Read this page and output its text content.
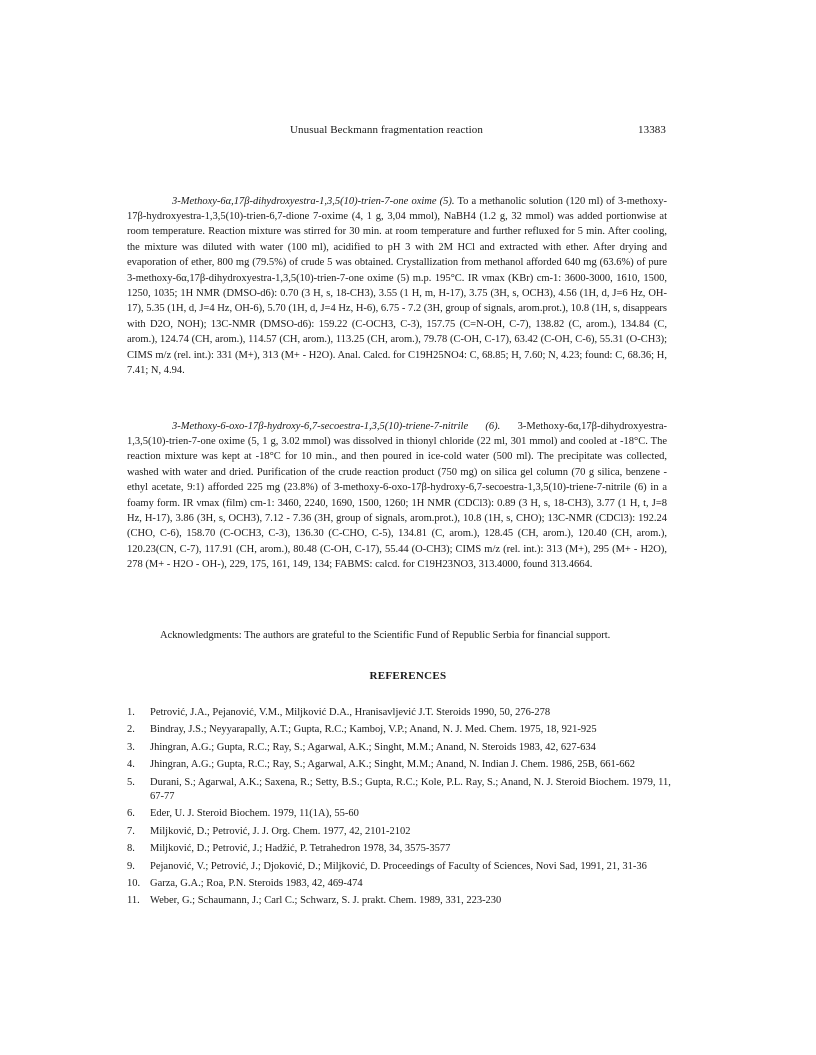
Unusual Beckmann fragmentation reaction	13383

3-Methoxy-6α,17β-dihydroxyestra-1,3,5(10)-trien-7-one oxime (5). To a methanolic solution (120 ml) of 3-methoxy-17β-hydroxyestra-1,3,5(10)-trien-6,7-dione 7-oxime (4, 1 g, 3,04 mmol), NaBH4 (1.2 g, 32 mmol) was added portionwise at room temperature. Reaction mixture was stirred for 30 min. at room temperature and further refluxed for 5 min. After cooling, the mixture was diluted with water (100 ml), acidified to pH 3 with 2M HCl and extracted with ether. After drying and evaporation of ether, 800 mg (79.5%) of crude 5 was obtained. Crystallization from methanol afforded 640 mg (63.6%) of pure 3-methoxy-6α,17β-dihydroxyestra-1,3,5(10)-trien-7-one oxime (5) m.p. 195°C. IR νmax (KBr) cm-1: 3600-3000, 1610, 1500, 1250, 1035; 1H NMR (DMSO-d6): 0.70 (3 H, s, 18-CH3), 3.55 (1 H, m, H-17), 3.75 (3H, s, OCH3), 4.56 (1H, d, J=6 Hz, OH-17), 5.35 (1H, d, J=4 Hz, OH-6), 5.70 (1H, d, J=4 Hz, H-6), 6.75 - 7.2 (3H, group of signals, arom.prot.), 10.8 (1H, s, disappears with D2O, NOH); 13C-NMR (DMSO-d6): 159.22 (C-OCH3, C-3), 157.75 (C=N-OH, C-7), 138.82 (C, arom.), 134.84 (C, arom.), 124.74 (CH, arom.), 114.57 (CH, arom.), 113.25 (CH, arom.), 79.78 (C-OH, C-17), 63.42 (C-OH, C-6), 55.31 (O-CH3); CIMS m/z (rel. int.): 331 (M+), 313 (M+ - H2O). Anal. Calcd. for C19H25NO4: C, 68.85; H, 7.60; N, 4.23; found: C, 68.36; H, 7.41; N, 4.94.

3-Methoxy-6-oxo-17β-hydroxy-6,7-secoestra-1,3,5(10)-triene-7-nitrile (6). 3-Methoxy-6α,17β-dihydroxyestra-1,3,5(10)-trien-7-one oxime (5, 1 g, 3.02 mmol) was dissolved in thionyl chloride (22 ml, 301 mmol) and cooled at -18°C. The reaction mixture was kept at -18°C for 10 min., and then poured in ice-cold water (500 ml). The precipitate was collected, washed with water and dried. Purification of the crude reaction product (750 mg) on silica gel column (70 g silica, benzene - ethyl acetate, 9:1) afforded 225 mg (23.8%) of 3-methoxy-6-oxo-17β-hydroxy-6,7-secoestra-1,3,5(10)-triene-7-nitrile (6) in a foamy form. IR νmax (film) cm-1: 3460, 2240, 1690, 1500, 1260; 1H NMR (CDCl3): 0.89 (3 H, s, 18-CH3), 3.77 (1 H, t, J=8 Hz, H-17), 3.86 (3H, s, OCH3), 7.12 - 7.36 (3H, group of signals, arom.prot.), 10.8 (1H, s, CHO); 13C-NMR (CDCl3): 192.24 (CHO, C-6), 158.70 (C-OCH3, C-3), 136.30 (C-CHO, C-5), 134.81 (C, arom.), 128.45 (CH, arom.), 120.40 (CH, arom.), 120.23(CN, C-7), 117.91 (CH, arom.), 80.48 (C-OH, C-17), 55.44 (O-CH3); CIMS m/z (rel. int.): 313 (M+), 295 (M+ - H2O), 278 (M+ - H2O - OH-), 229, 175, 161, 149, 134; FABMS: calcd. for C19H23NO3, 313.4000, found 313.4664.

Acknowledgments: The authors are grateful to the Scientific Fund of Republic Serbia for financial support.

REFERENCES
1. Petrović, J.A., Pejanović, V.M., Miljković D.A., Hranisavljević J.T. Steroids 1990, 50, 276-278
2. Bindray, J.S.; Neyyarapally, A.T.; Gupta, R.C.; Kamboj, V.P.; Anand, N. J. Med. Chem. 1975, 18, 921-925
3. Jhingran, A.G.; Gupta, R.C.; Ray, S.; Agarwal, A.K.; Singht, M.M.; Anand, N. Steroids 1983, 42, 627-634
4. Jhingran, A.G.; Gupta, R.C.; Ray, S.; Agarwal, A.K.; Singht, M.M.; Anand, N. Indian J. Chem. 1986, 25B, 661-662
5. Durani, S.; Agarwal, A.K.; Saxena, R.; Setty, B.S.; Gupta, R.C.; Kole, P.L. Ray, S.; Anand, N. J. Steroid Biochem. 1979, 11, 67-77
6. Eder, U. J. Steroid Biochem. 1979, 11(1A), 55-60
7. Miljković, D.; Petrović, J. J. Org. Chem. 1977, 42, 2101-2102
8. Miljković, D.; Petrović, J.; Hadžić, P. Tetrahedron 1978, 34, 3575-3577
9. Pejanović, V.; Petrović, J.; Djoković, D.; Miljković, D. Proceedings of Faculty of Sciences, Novi Sad, 1991, 21, 31-36
10. Garza, G.A.; Roa, P.N. Steroids 1983, 42, 469-474
11. Weber, G.; Schaumann, J.; Carl C.; Schwarz, S. J. prakt. Chem. 1989, 331, 223-230
